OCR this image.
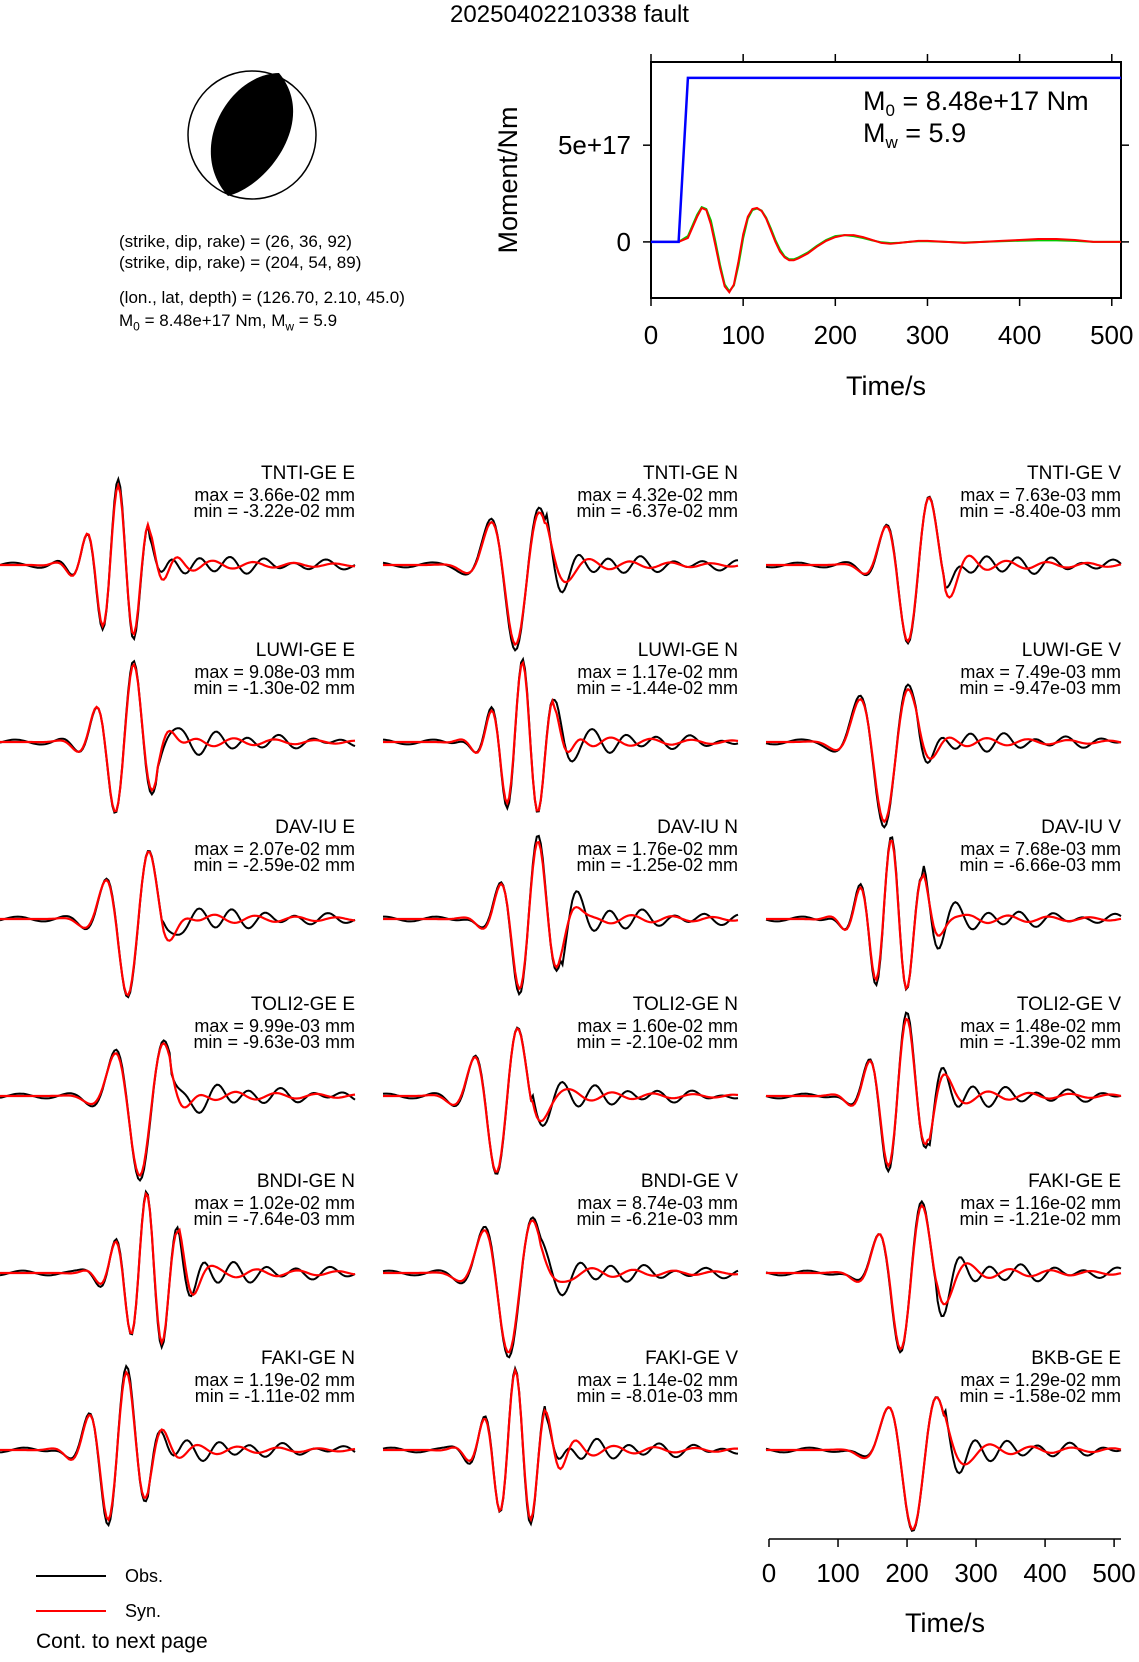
20250402210338 fault
(strike, dip, rake) = (26, 36, 92)
(strike, dip, rake) = (204, 54, 89)
(lon., lat, depth) = (126.70, 2.10, 45.0)
$M_0 = 8.48e+17$ Nm, $M_w = 5.9$	0 100 200 300 400 500
0
5e+17
Time/s
Moment/Nm
$M_0 = 8.48e+17$ Nm
$M_w = 5.9$
TNTI-GE E
max = 3.66e-02 mm
min = -3.22e-02 mm
TNTI-GE N
max = 4.32e-02 mm
min = -6.37e-02 mm
TNTI-GE V
max = 7.63e-03 mm
min = -8.40e-03 mm
LUWI-GE E
max = 9.08e-03 mm
min = -1.30e-02 mm
LUWI-GE N
max = 1.17e-02 mm
min = -1.44e-02 mm
LUWI-GE V
max = 7.49e-03 mm
min = -9.47e-03 mm
DAV-IU E
max = 2.07e-02 mm
min = -2.59e-02 mm
DAV-IU N
max = 1.76e-02 mm
min = -1.25e-02 mm
DAV-IU V
max = 7.68e-03 mm
min = -6.66e-03 mm
TOLI2-GE E
max = 9.99e-03 mm
min = -9.63e-03 mm
TOLI2-GE N
max = 1.60e-02 mm
min = -2.10e-02 mm
TOLI2-GE V
max = 1.48e-02 mm
min = -1.39e-02 mm
BNDI-GE N
max = 1.02e-02 mm
min = -7.64e-03 mm
BNDI-GE V
max = 8.74e-03 mm
min = -6.21e-03 mm
FAKI-GE E
max = 1.16e-02 mm
min = -1.21e-02 mm
FAKI-GE N
max = 1.19e-02 mm
min = -1.11e-02 mm
FAKI-GE V
max = 1.14e-02 mm
min = -8.01e-03 mm
BKB-GE E
max = 1.29e-02 mm
min = -1.58e-02 mm
0 100 200 300 400 500
Time/s
Obs.
Syn.
Cont. to next page
